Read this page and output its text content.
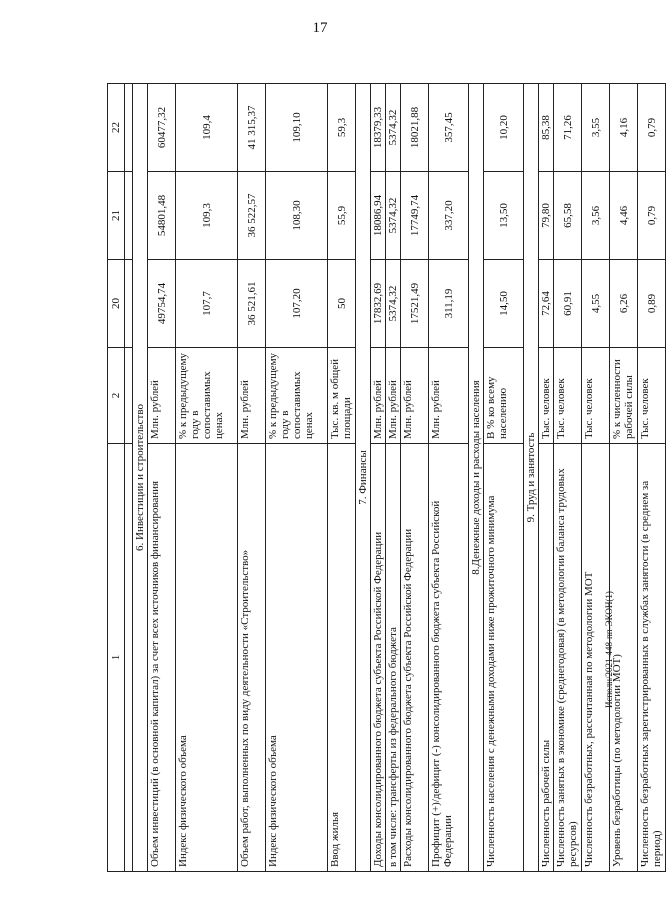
17
Исполн/2021-448-пп-ЭКОН(1)
1	2	20	21	22

6. Инвестиции и строительство				
Объем инвестиций (в основной капитал) за счет всех источников финансирования	Млн. рублей	49754,74	54801,48	60477,32
Индекс физического объема	% к предыдущему году в сопоставимых ценах	107,7	109,3	109,4
Объем работ, выполненных по виду деятельности «Строительство»	Млн. рублей	36 521,61	36 522,57	41 315,37
Индекс физического объема	% к предыдущему году в сопоставимых ценах	107,20	108,30	109,10
Ввод жилья	Тыс. кв. м общей площади	50	55,9	59,3
7. Финансы				
Доходы консолидированного бюджета субъекта Российской Федерации	Млн. рублей	17832,69	18086,94	18379,33
в том числе: трансферты из федерального бюджета	Млн. рублей	5374,32	5374,32	5374,32
Расходы консолидированного бюджета субъекта Российской Федерации	Млн. рублей	17521,49	17749,74	18021,88
Профицит (+)/дефицит (-) консолидированного бюджета субъекта Российской Федерации	Млн. рублей	311,19	337,20	357,45
8.Денежные доходы и расходы населения				
Численность населения с денежными доходами ниже прожиточного минимума	В % ко всему населению	14,50	13,50	10,20
9. Труд и занятость				
Численность рабочей силы	Тыс. человек	72,64	79,80	85,38
Численность занятых в экономике (среднегодовая) (в методологии баланса трудовых ресурсов)	Тыс. человек	60,91	65,58	71,26
Численность безработных, рассчитанная по методологии МОТ	Тыс. человек	4,55	3,56	3,55
Уровень безработицы (по методологии МОТ)	% к численности рабочей силы	6,26	4,46	4,16
Численность безработных зарегистрированных в службах занятости (в среднем за период)	Тыс. человек	0,89	0,79	0,79
